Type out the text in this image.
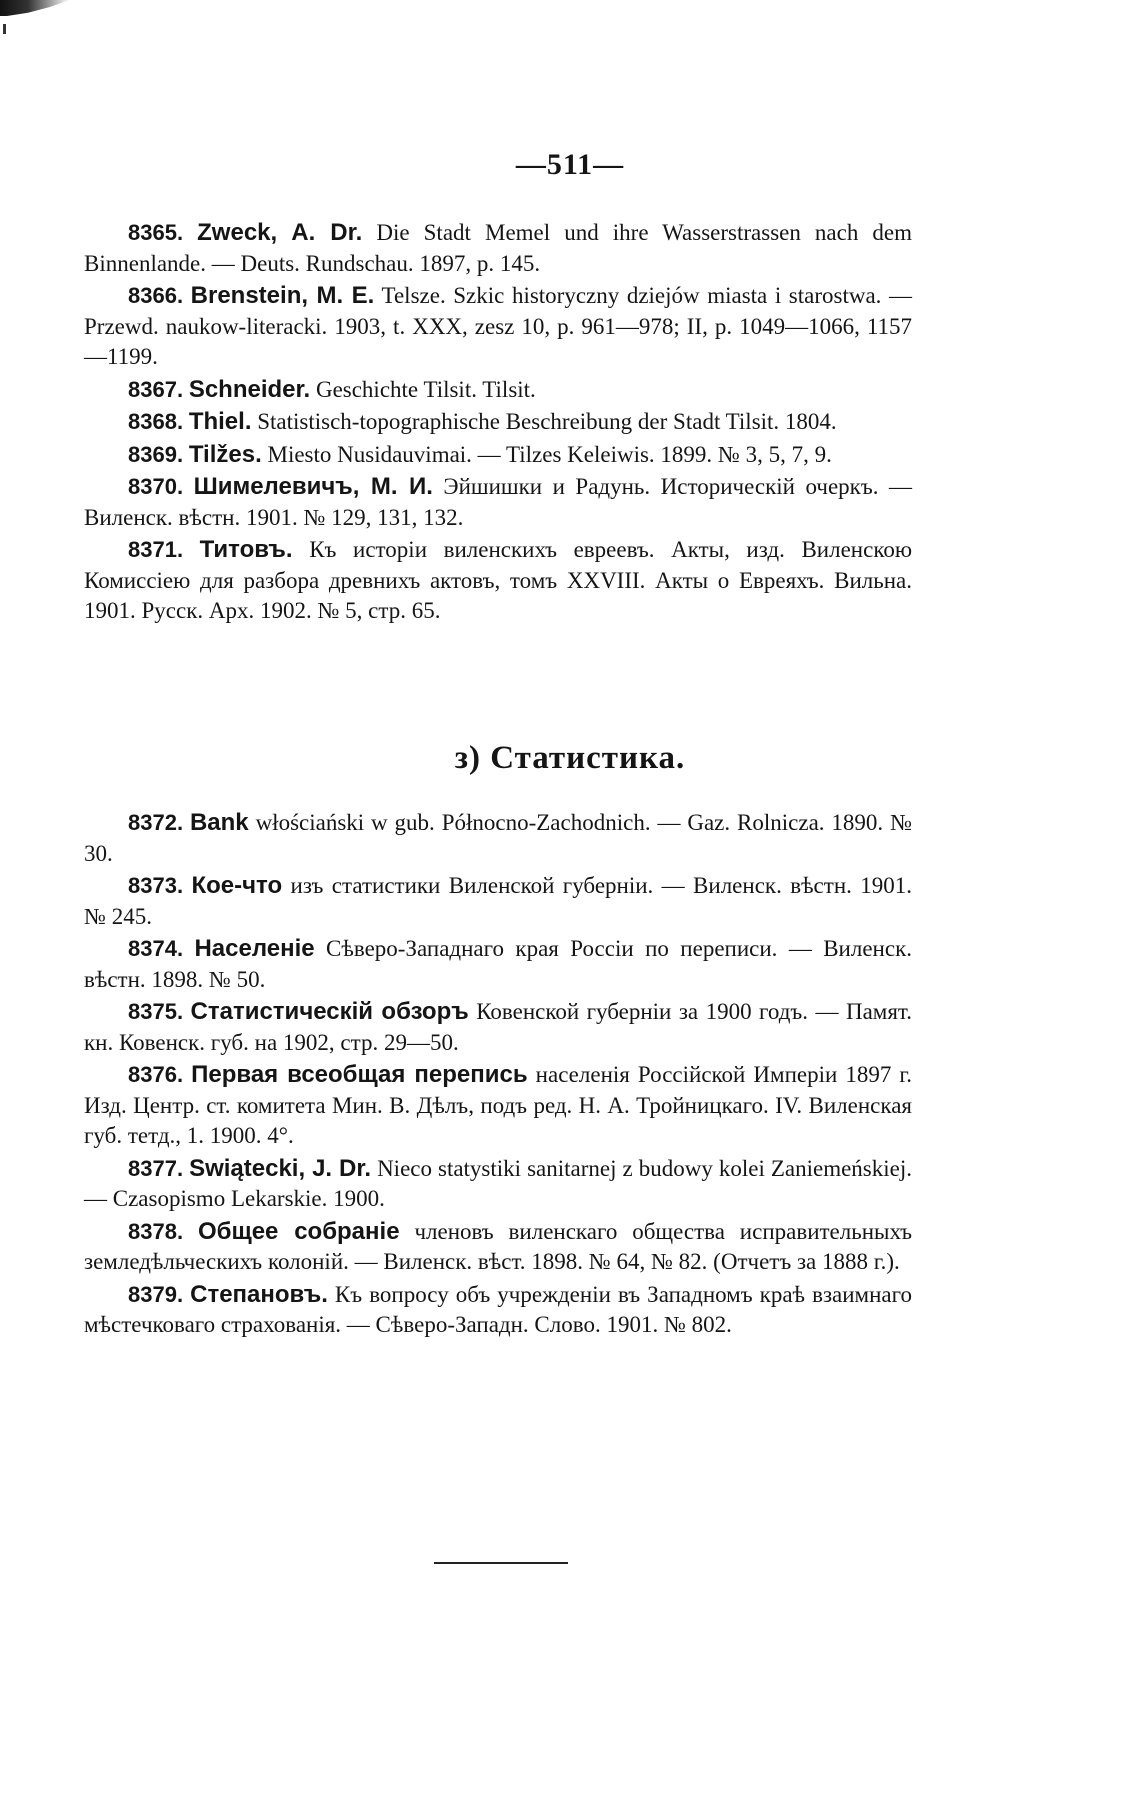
—511—

8365. Zweck, A. Dr. Die Stadt Memel und ihre Wasserstrassen nach dem Binnenlande. — Deuts. Rundschau. 1897, p. 145.

8366. Brenstein, M. E. Telsze. Szkic historyczny dziejów miasta i starostwa. — Przewd. naukow-literacki. 1903, t. XXX, zesz 10, p. 961—978; II, p. 1049—1066, 1157—1199.

8367. Schneider. Geschichte Tilsit. Tilsit.

8368. Thiel. Statistisch-topographische Beschreibung der Stadt Tilsit. 1804.

8369. Tilžes. Miesto Nusidauvimai. — Tilzes Keleiwis. 1899. № 3, 5, 7, 9.

8370. Шимелевичъ, М. И. Эйшишки и Радунь. Историческій очеркъ. — Виленск. вѣстн. 1901. № 129, 131, 132.

8371. Титовъ. Къ исторіи виленскихъ евреевъ. Акты, изд. Виленскою Комиссіею для разбора древнихъ актовъ, томъ XXVIII. Акты о Евреяхъ. Вильна. 1901. Русск. Арх. 1902. № 5, стр. 65.

з) Статистика.

8372. Bank włościański w gub. Północno-Zachodnich. — Gaz. Rolnicza. 1890. № 30.

8373. Кое-что изъ статистики Виленской губерніи. — Виленск. вѣстн. 1901. № 245.

8374. Населеніе Сѣверо-Западнаго края Россіи по переписи. — Виленск. вѣстн. 1898. № 50.

8375. Статистическій обзоръ Ковенской губерніи за 1900 годъ. — Памят. кн. Ковенск. губ. на 1902, стр. 29—50.

8376. Первая всеобщая перепись населенія Россійской Имперіи 1897 г. Изд. Центр. ст. комитета Мин. В. Дѣлъ, подъ ред. Н. А. Тройницкаго. IV. Виленская губ. тетд., 1. 1900. 4°.

8377. Swiątecki, J. Dr. Nieco statystiki sanitarnej z budowy kolei Zaniemeńskiej. — Czasopismo Lekarskie. 1900.

8378. Общее собраніе членовъ виленскаго общества исправительныхъ земледѣльческихъ колоній. — Виленск. вѣст. 1898. № 64, № 82. (Отчетъ за 1888 г.).

8379. Степановъ. Къ вопросу объ учрежденіи въ Западномъ краѣ взаимнаго мѣстечковаго страхованія. — Сѣверо-Западн. Слово. 1901. № 802.
